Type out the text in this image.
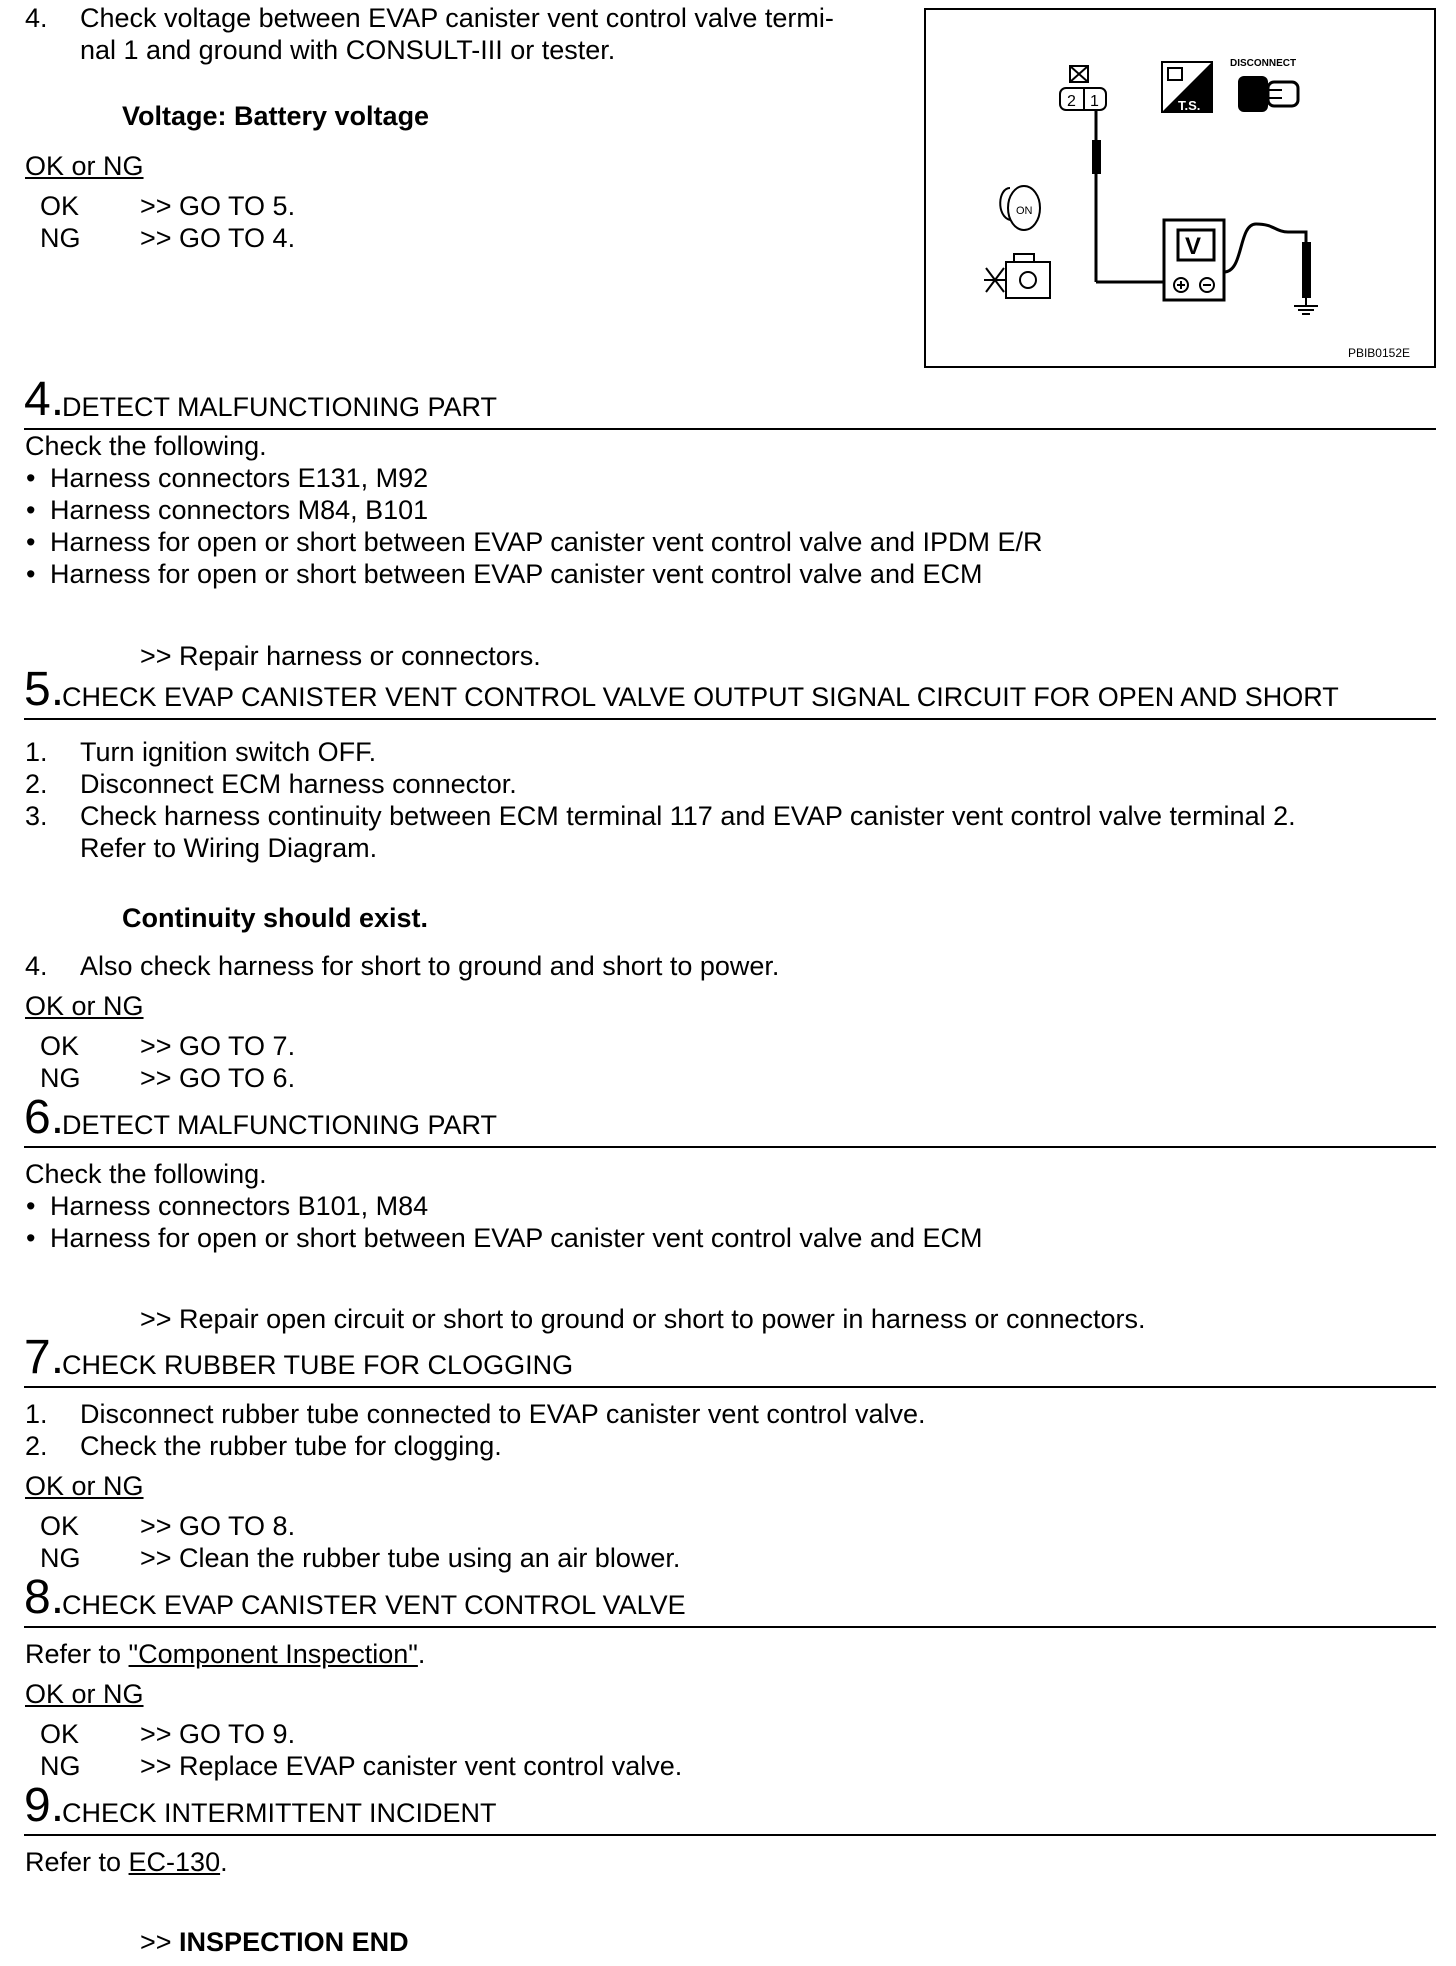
4. Check voltage between EVAP canister vent control valve termi-
nal 1 and ground with CONSULT-III or tester.
Voltage: Battery voltage
OK or NG
OK >> GO TO 5.
NG >> GO TO 4.
2 1
V
T.S.
DISCONNECT
ON
PBIB0152E
4.
DETECT MALFUNCTIONING PART
Check the following.
• Harness connectors E131, M92
• Harness connectors M84, B101
• Harness for open or short between EVAP canister vent control valve and IPDM E/R
• Harness for open or short between EVAP canister vent control valve and ECM
>> Repair harness or connectors.
5.
CHECK EVAP CANISTER VENT CONTROL VALVE OUTPUT SIGNAL CIRCUIT FOR OPEN AND SHORT
1. Turn ignition switch OFF.
2. Disconnect ECM harness connector.
3. Check harness continuity between ECM terminal 117 and EVAP canister vent control valve terminal 2.
Refer to Wiring Diagram.
Continuity should exist.
4. Also check harness for short to ground and short to power.
OK or NG
OK >> GO TO 7.
NG >> GO TO 6.
6.
DETECT MALFUNCTIONING PART
Check the following.
• Harness connectors B101, M84
• Harness for open or short between EVAP canister vent control valve and ECM
>> Repair open circuit or short to ground or short to power in harness or connectors.
7.
CHECK RUBBER TUBE FOR CLOGGING
1. Disconnect rubber tube connected to EVAP canister vent control valve.
2. Check the rubber tube for clogging.
OK or NG
OK >> GO TO 8.
NG >> Clean the rubber tube using an air blower.
8.
CHECK EVAP CANISTER VENT CONTROL VALVE
Refer to "Component Inspection".
OK or NG
OK >> GO TO 9.
NG >> Replace EVAP canister vent control valve.
9.
CHECK INTERMITTENT INCIDENT
Refer to EC-130.
>> INSPECTION END
